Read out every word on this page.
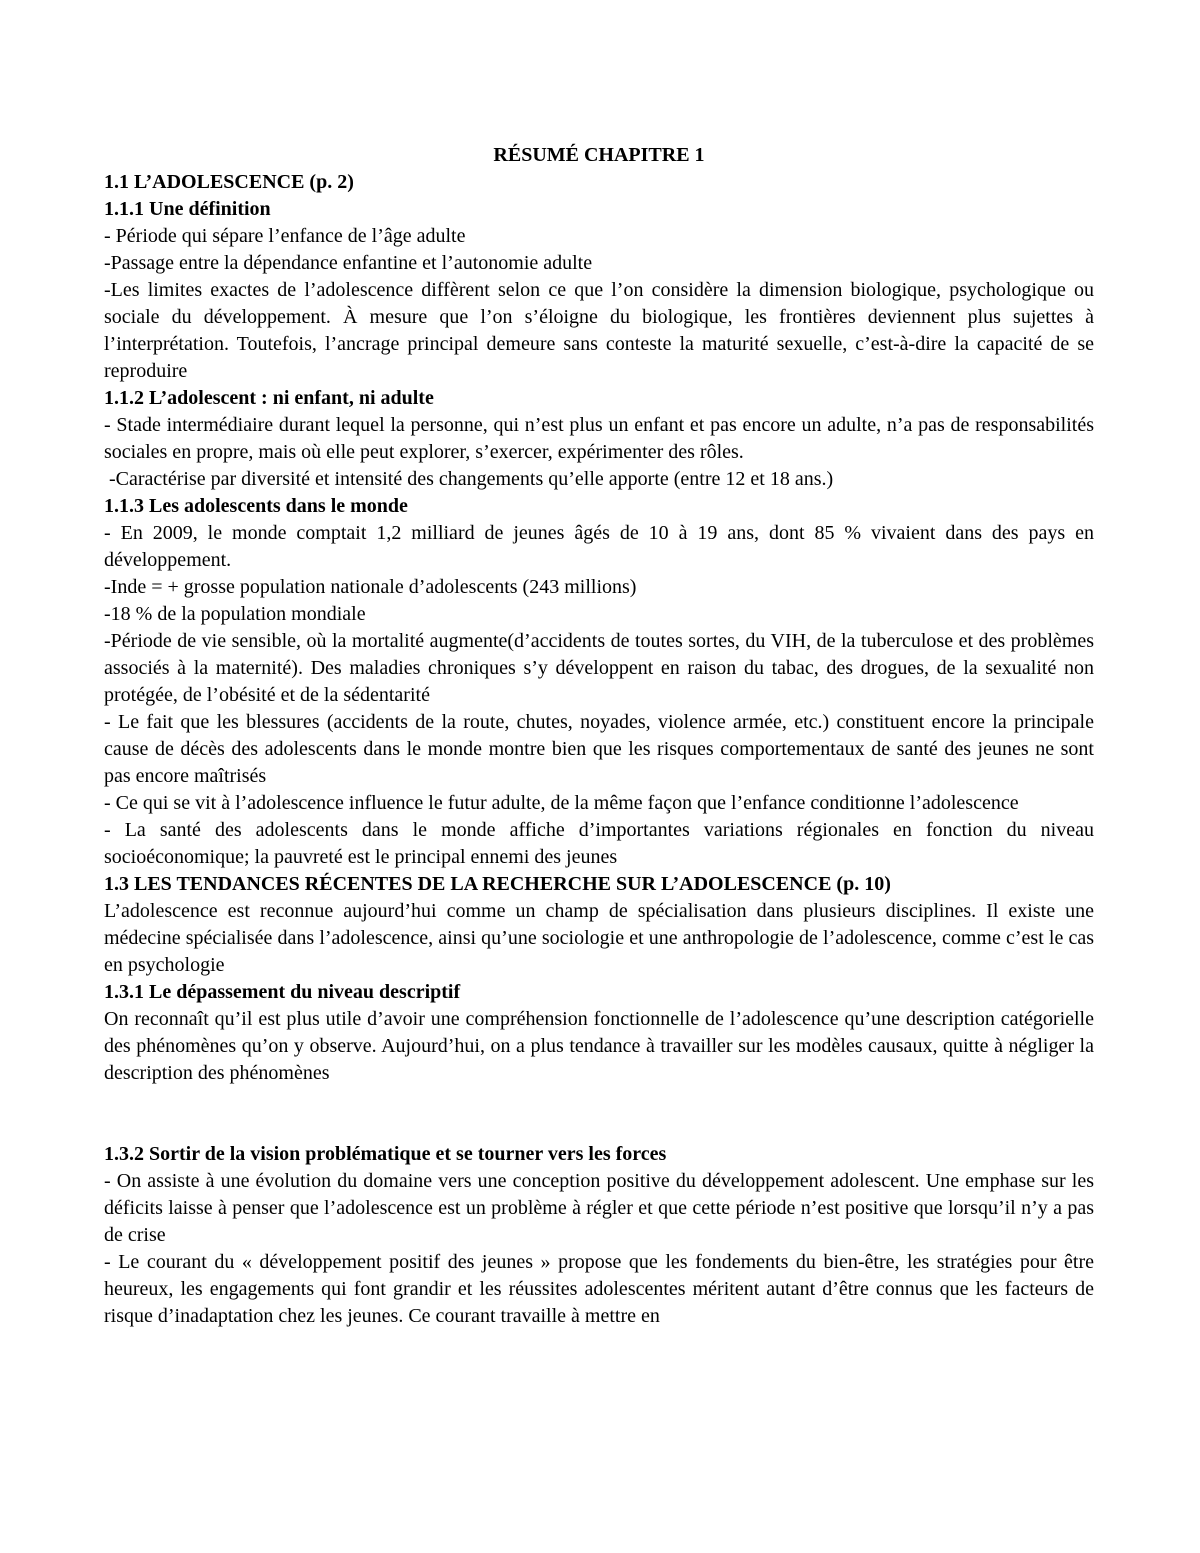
RÉSUMÉ CHAPITRE 1

1.1 L’ADOLESCENCE (p. 2)

1.1.1 Une définition

- Période qui sépare l’enfance de l’âge adulte

-Passage entre la dépendance enfantine et l’autonomie adulte

-Les limites exactes de l’adolescence diffèrent selon ce que l’on considère la dimension biologique, psychologique ou sociale du développement. À mesure que l’on s’éloigne du biologique, les frontières deviennent plus sujettes à l’interprétation. Toutefois, l’ancrage principal demeure sans conteste la maturité sexuelle, c’est-à-dire la capacité de se reproduire

1.1.2 L’adolescent : ni enfant, ni adulte

- Stade intermédiaire durant lequel la personne, qui n’est plus un enfant et pas encore un adulte, n’a pas de responsabilités sociales en propre, mais où elle peut explorer, s’exercer, expérimenter des rôles.

-Caractérise par diversité et intensité des changements qu’elle apporte (entre 12 et 18 ans.)

1.1.3 Les adolescents dans le monde

- En 2009, le monde comptait 1,2 milliard de jeunes âgés de 10 à 19 ans, dont 85 % vivaient dans des pays en développement.

-Inde = + grosse population nationale d’adolescents (243 millions)

-18 % de la population mondiale

-Période de vie sensible, où la mortalité augmente(d’accidents de toutes sortes, du VIH, de la tuberculose et des problèmes associés à la maternité). Des maladies chroniques s’y développent en raison du tabac, des drogues, de la sexualité non protégée, de l’obésité et de la sédentarité

- Le fait que les blessures (accidents de la route, chutes, noyades, violence armée, etc.) constituent encore la principale cause de décès des adolescents dans le monde montre bien que les risques comportementaux de santé des jeunes ne sont pas encore maîtrisés

- Ce qui se vit à l’adolescence influence le futur adulte, de la même façon que l’enfance conditionne l’adolescence

- La santé des adolescents dans le monde affiche d’importantes variations régionales en fonction du niveau socioéconomique; la pauvreté est le principal ennemi des jeunes

1.3 LES TENDANCES RÉCENTES DE LA RECHERCHE SUR L’ADOLESCENCE (p. 10)

L’adolescence est reconnue aujourd’hui comme un champ de spécialisation dans plusieurs disciplines. Il existe une médecine spécialisée dans l’adolescence, ainsi qu’une sociologie et une anthropologie de l’adolescence, comme c’est le cas en psychologie

1.3.1 Le dépassement du niveau descriptif

On reconnaît qu’il est plus utile d’avoir une compréhension fonctionnelle de l’adolescence qu’une description catégorielle des phénomènes qu’on y observe. Aujourd’hui, on a plus tendance à travailler sur les modèles causaux, quitte à négliger la description des phénomènes

1.3.2 Sortir de la vision problématique et se tourner vers les forces

- On assiste à une évolution du domaine vers une conception positive du développement adolescent. Une emphase sur les déficits laisse à penser que l’adolescence est un problème à régler et que cette période n’est positive que lorsqu’il n’y a pas de crise

- Le courant du « développement positif des jeunes » propose que les fondements du bien-être, les stratégies pour être heureux, les engagements qui font grandir et les réussites adolescentes méritent autant d’être connus que les facteurs de risque d’inadaptation chez les jeunes. Ce courant travaille à mettre en
